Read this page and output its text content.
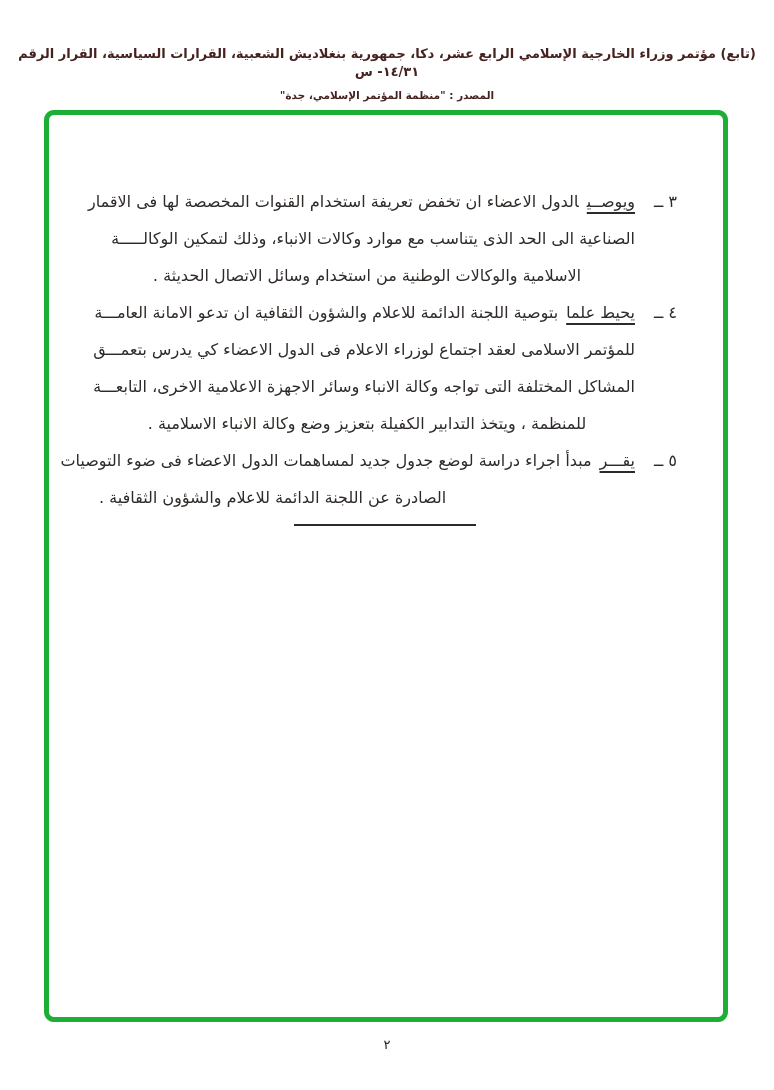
(تابع) مؤتمر وزراء الخارجية الإسلامي الرابع عشر، دكا، جمهورية بنغلاديش الشعبية، القرارات السياسية، القرار الرقم ١٤/٣١- س
المصدر : "منظمة المؤتمر الإسلامي، جدة"
٣ ــ
ويوصــيالدول الاعضاء ان تخفض تعريفة استخدام القنوات المخصصة لها فى الاقمار
الصناعية الى الحد الذى يتناسب مع موارد وكالات الانباء، وذلك لتمكين الوكالـــــة
الاسلامية والوكالات الوطنية من استخدام وسائل الاتصال الحديثة .
٤ ــ
يحيط علمابتوصية اللجنة الدائمة للاعلام والشؤون الثقافية ان تدعو الامانة العامـــة
للمؤتمر الاسلامى لعقد اجتماع لوزراء الاعلام فى الدول الاعضاء كي يدرس بتعمـــق
المشاكل المختلفة التى تواجه وكالة الانباء وسائر الاجهزة الاعلامية الاخرى، التابعـــة
للمنظمة ، ويتخذ التدابير الكفيلة بتعزيز وضع وكالة الانباء الاسلامية .
٥ ــ
يقـــرمبدأ اجراء دراسة لوضع جدول جديد لمساهمات الدول الاعضاء فى ضوء التوصيات
الصادرة عن اللجنة الدائمة للاعلام والشؤون الثقافية .
٢
